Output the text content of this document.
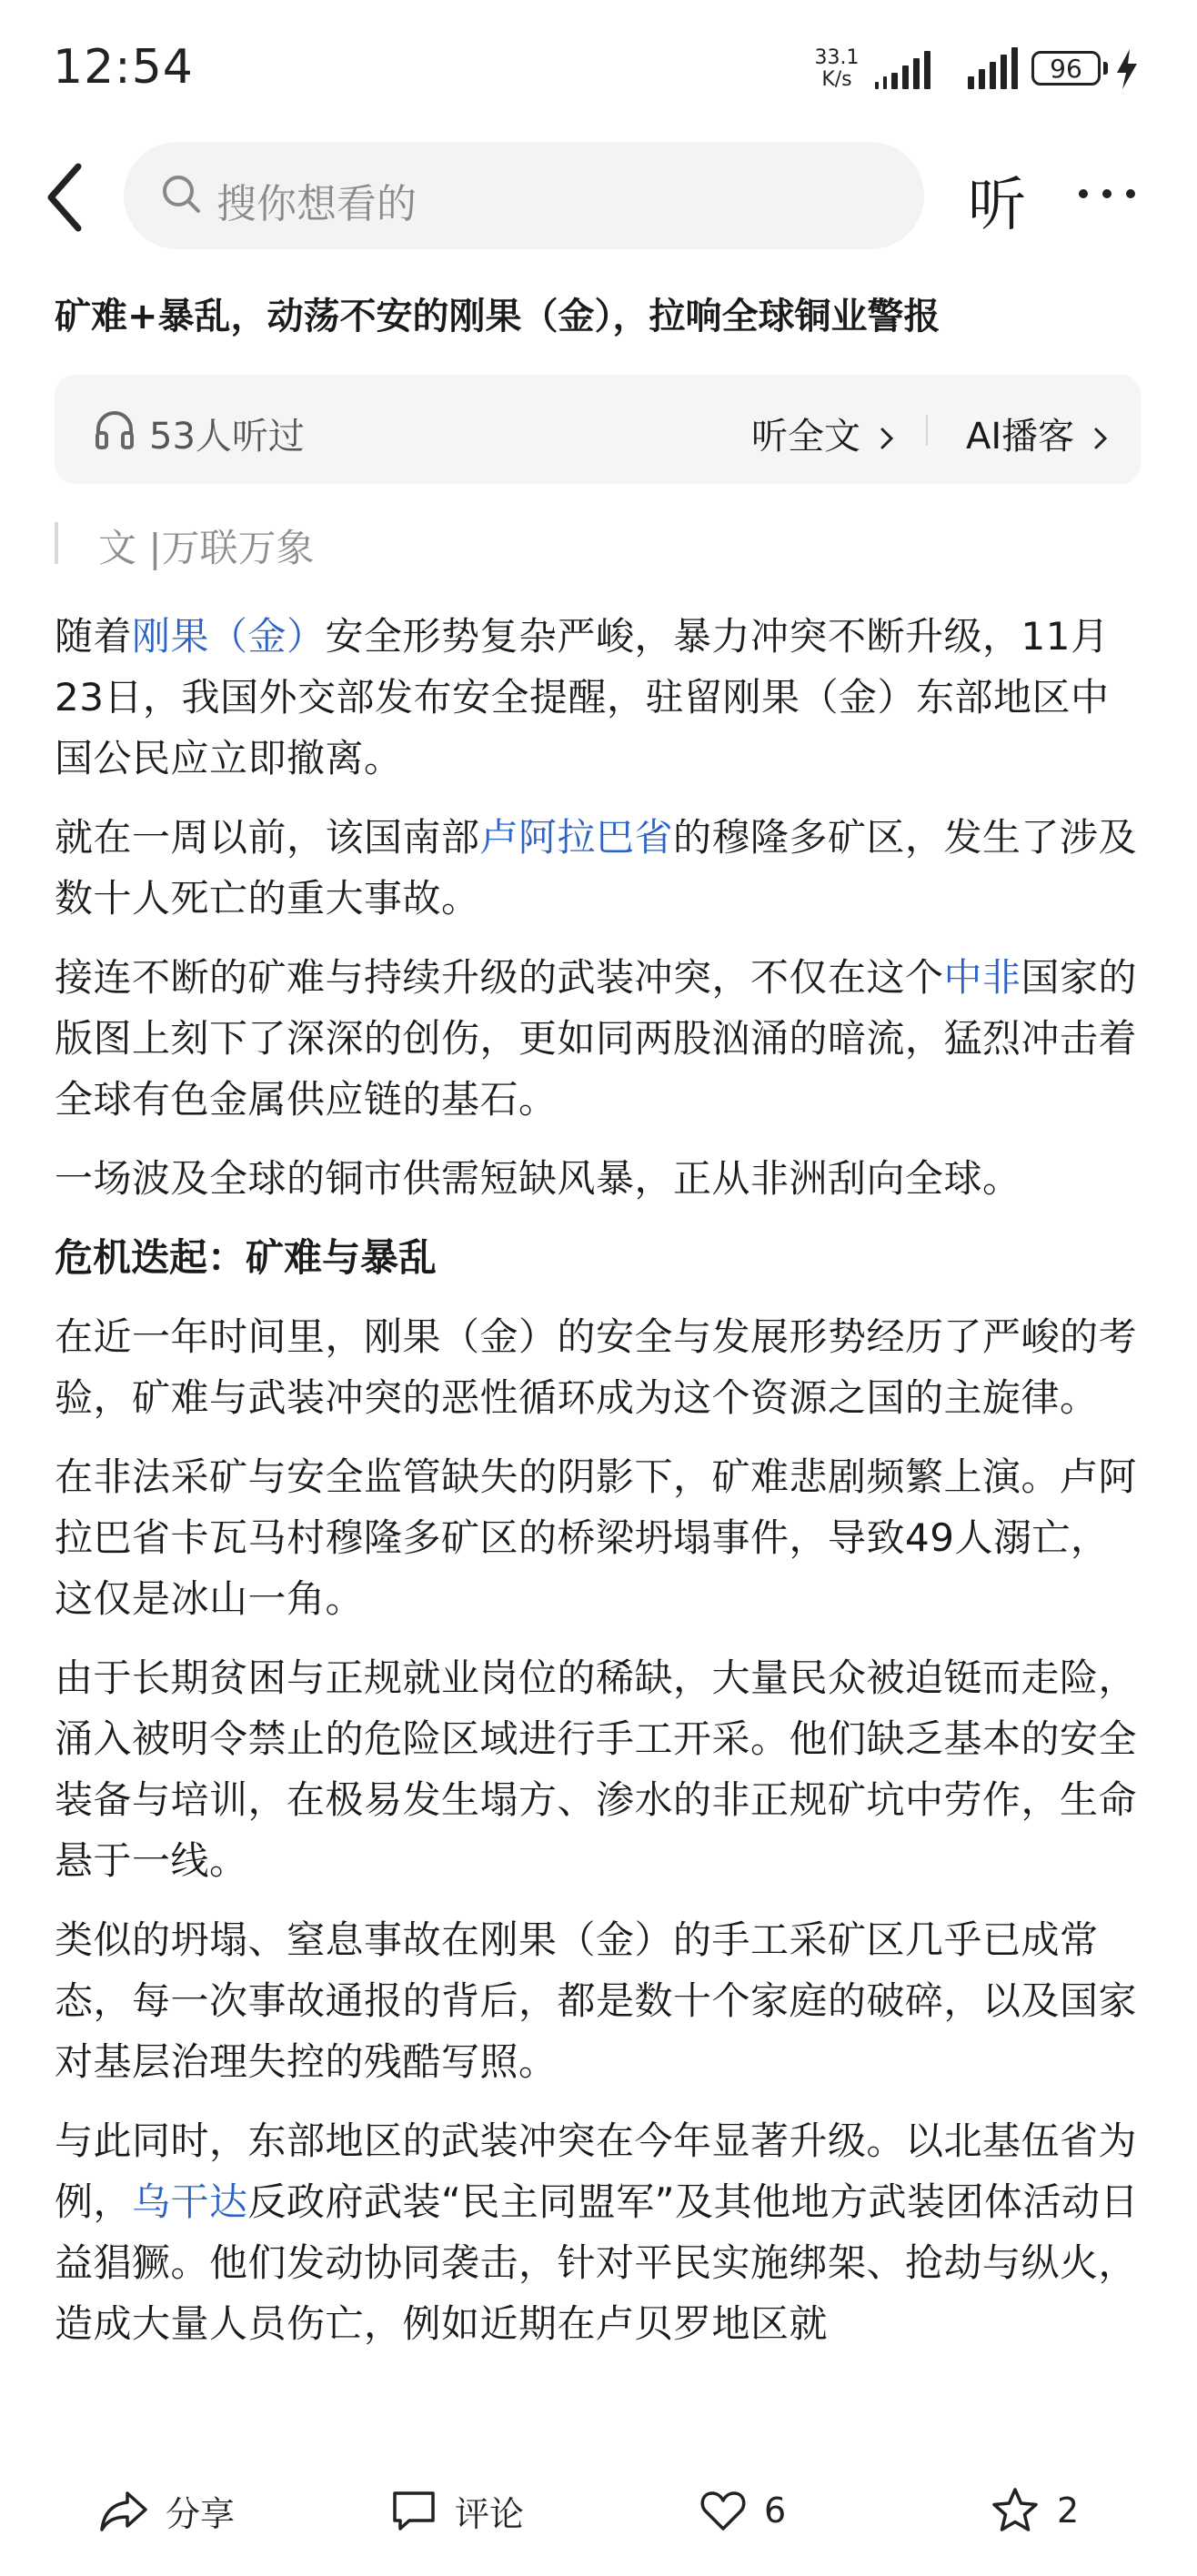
12:54	33.1
K/s	96
搜你想看的	听
矿难+暴乱，动荡不安的刚果（金），拉响全球铜业警报
53人听过	听全文	AI播客
文 |万联万象

随着刚果（金）安全形势复杂严峻，暴力冲突不断升级，11月23日，我国外交部发布安全提醒，驻留刚果（金）东部地区中国公民应立即撤离。

就在一周以前，该国南部卢阿拉巴省的穆隆多矿区，发生了涉及数十人死亡的重大事故。

接连不断的矿难与持续升级的武装冲突，不仅在这个中非国家的版图上刻下了深深的创伤，更如同两股汹涌的暗流，猛烈冲击着全球有色金属供应链的基石。

一场波及全球的铜市供需短缺风暴，正从非洲刮向全球。

危机迭起：矿难与暴乱

在近一年时间里，刚果（金）的安全与发展形势经历了严峻的考验，矿难与武装冲突的恶性循环成为这个资源之国的主旋律。

在非法采矿与安全监管缺失的阴影下，矿难悲剧频繁上演。卢阿拉巴省卡瓦马村穆隆多矿区的桥梁坍塌事件，导致49人溺亡，这仅是冰山一角。

由于长期贫困与正规就业岗位的稀缺，大量民众被迫铤而走险，涌入被明令禁止的危险区域进行手工开采。他们缺乏基本的安全装备与培训，在极易发生塌方、渗水的非正规矿坑中劳作，生命悬于一线。

类似的坍塌、窒息事故在刚果（金）的手工采矿区几乎已成常态，每一次事故通报的背后，都是数十个家庭的破碎，以及国家对基层治理失控的残酷写照。

与此同时，东部地区的武装冲突在今年显著升级。以北基伍省为例，乌干达反政府武装“民主同盟军”及其他地方武装团体活动日益猖獗。他们发动协同袭击，针对平民实施绑架、抢劫与纵火，造成大量人员伤亡，例如近期在卢贝罗地区就

分享	评论	6	2
